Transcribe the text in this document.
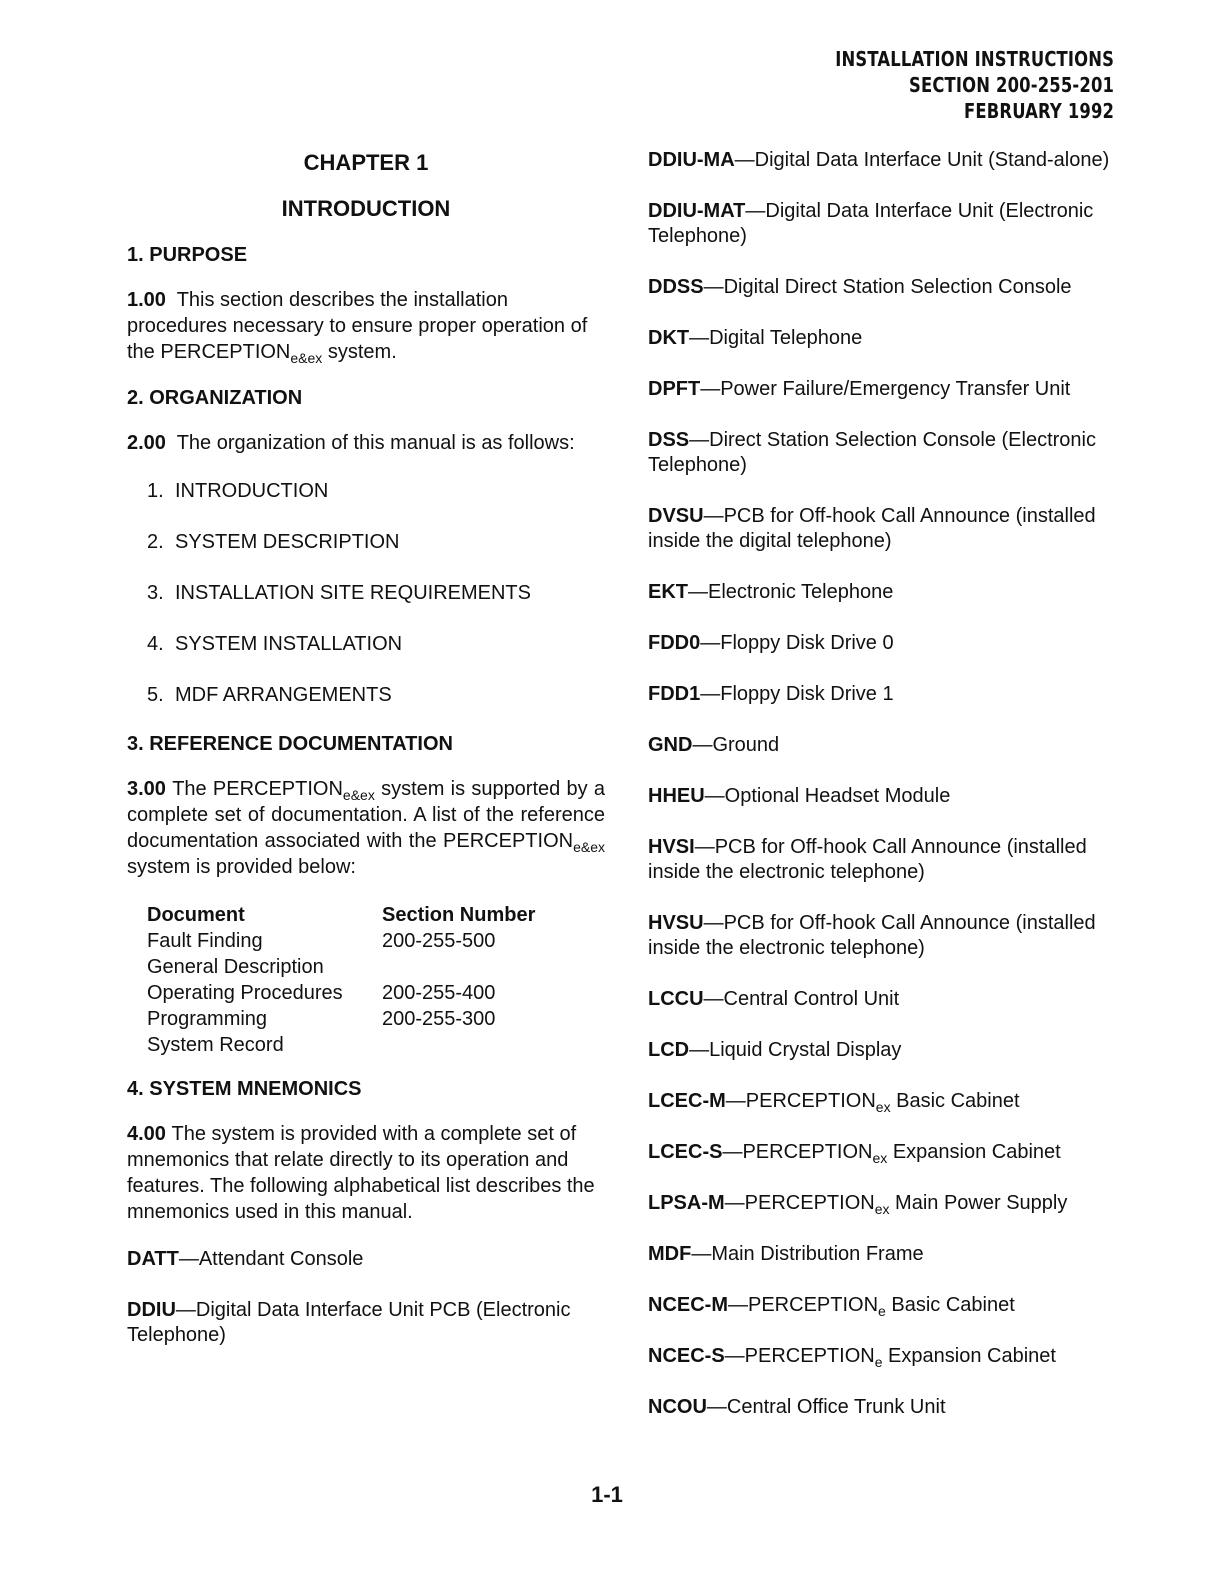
INSTALLATION INSTRUCTIONS
SECTION 200-255-201
FEBRUARY 1992
CHAPTER 1
INTRODUCTION
1. PURPOSE

1.00 This section describes the installation procedures necessary to ensure proper operation of the $PERCEPTION_{e\&ex}$ system.

2. ORGANIZATION

2.00 The organization of this manual is as follows:

1. INTRODUCTION
2. SYSTEM DESCRIPTION
3. INSTALLATION SITE REQUIREMENTS
4. SYSTEM INSTALLATION
5. MDF ARRANGEMENTS
3. REFERENCE DOCUMENTATION

3.00 The $PERCEPTION_{e\&ex}$ system is supported by a complete set of documentation. A list of the reference documentation associated with the $PERCEPTION_{e\&ex}$ system is provided below:

Document	Section Number
Fault Finding	200-255-500
General Description	
Operating Procedures	200-255-400
Programming	200-255-300
System Record	
4. SYSTEM MNEMONICS

4.00 The system is provided with a complete set of mnemonics that relate directly to its operation and features. The following alphabetical list describes the mnemonics used in this manual.

DATT—Attendant Console
DDIU—Digital Data Interface Unit PCB (Electronic Telephone)
DDIU-MA—Digital Data Interface Unit (Stand-alone)
DDIU-MAT—Digital Data Interface Unit (Electronic Telephone)
DDSS—Digital Direct Station Selection Console
DKT—Digital Telephone
DPFT—Power Failure/Emergency Transfer Unit
DSS—Direct Station Selection Console (Electronic Telephone)
DVSU—PCB for Off-hook Call Announce (installed inside the digital telephone)
EKT—Electronic Telephone
FDD0—Floppy Disk Drive 0
FDD1—Floppy Disk Drive 1
GND—Ground
HHEU—Optional Headset Module
HVSI—PCB for Off-hook Call Announce (installed inside the electronic telephone)
HVSU—PCB for Off-hook Call Announce (installed inside the electronic telephone)
LCCU—Central Control Unit
LCD—Liquid Crystal Display
LCEC-$M—PERCEPTION_{ex}$ Basic Cabinet
LCEC-$S—PERCEPTION_{ex}$ Expansion Cabinet
LPSA-$M—PERCEPTION_{ex}$ Main Power Supply
MDF—Main Distribution Frame
NCEC-$M—PERCEPTION_e$ Basic Cabinet
NCEC-$S—PERCEPTION_e$ Expansion Cabinet
NCOU—Central Office Trunk Unit
1-1
